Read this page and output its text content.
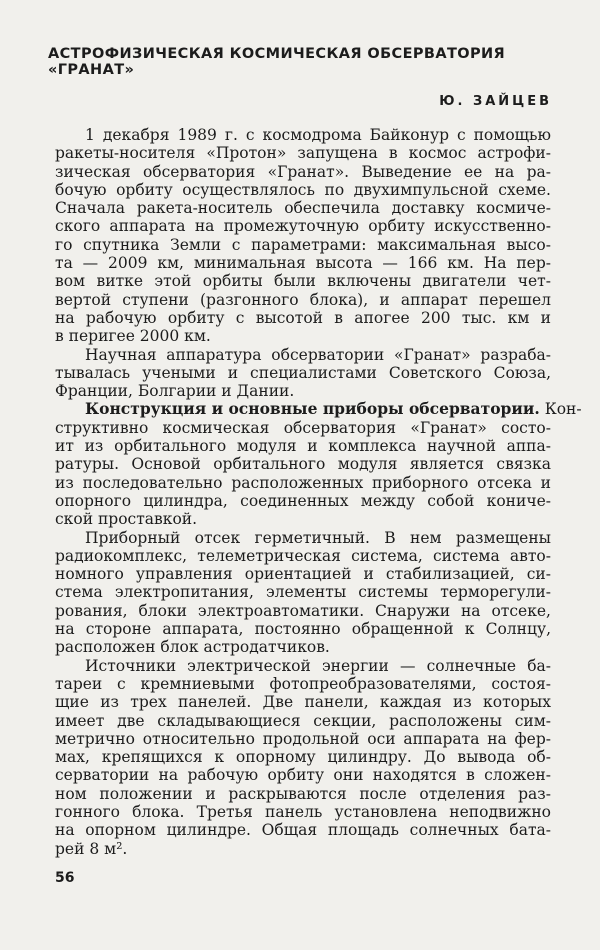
АСТРОФИЗИЧЕСКАЯ КОСМИЧЕСКАЯ ОБСЕРВАТОРИЯ
«ГРАНАТ»
Ю. ЗАЙЦЕВ
1 декабря 1989 г. с космодрома Байконур с помощью
ракеты-носителя «Протон» запущена в космос астрофи-
зическая обсерватория «Гранат». Выведение ее на ра-
бочую орбиту осуществлялось по двухимпульсной схеме.
Сначала ракета-носитель обеспечила доставку космиче-
ского аппарата на промежуточную орбиту искусственно-
го спутника Земли с параметрами: максимальная высо-
та — 2009 км, минимальная высота — 166 км. На пер-
вом витке этой орбиты были включены двигатели чет-
вертой ступени (разгонного блока), и аппарат перешел
на рабочую орбиту с высотой в апогее 200 тыс. км и
в перигее 2000 км.
Научная аппаратура обсерватории «Гранат» разраба-
тывалась учеными и специалистами Советского Союза,
Франции, Болгарии и Дании.
Конструкция и основные приборы обсерватории. Кон-
структивно космическая обсерватория «Гранат» состо-
ит из орбитального модуля и комплекса научной аппа-
ратуры. Основой орбитального модуля является связка
из последовательно расположенных приборного отсека и
опорного цилиндра, соединенных между собой кониче-
ской проставкой.
Приборный отсек герметичный. В нем размещены
радиокомплекс, телеметрическая система, система авто-
номного управления ориентацией и стабилизацией, си-
стема электропитания, элементы системы терморегули-
рования, блоки электроавтоматики. Снаружи на отсеке,
на стороне аппарата, постоянно обращенной к Солнцу,
расположен блок астродатчиков.
Источники электрической энергии — солнечные ба-
тареи с кремниевыми фотопреобразователями, состоя-
щие из трех панелей. Две панели, каждая из которых
имеет две складывающиеся секции, расположены сим-
метрично относительно продольной оси аппарата на фер-
мах, крепящихся к опорному цилиндру. До вывода об-
серватории на рабочую орбиту они находятся в сложен-
ном положении и раскрываются после отделения раз-
гонного блока. Третья панель установлена неподвижно
на опорном цилиндре. Общая площадь солнечных бата-
рей 8 м².
56
